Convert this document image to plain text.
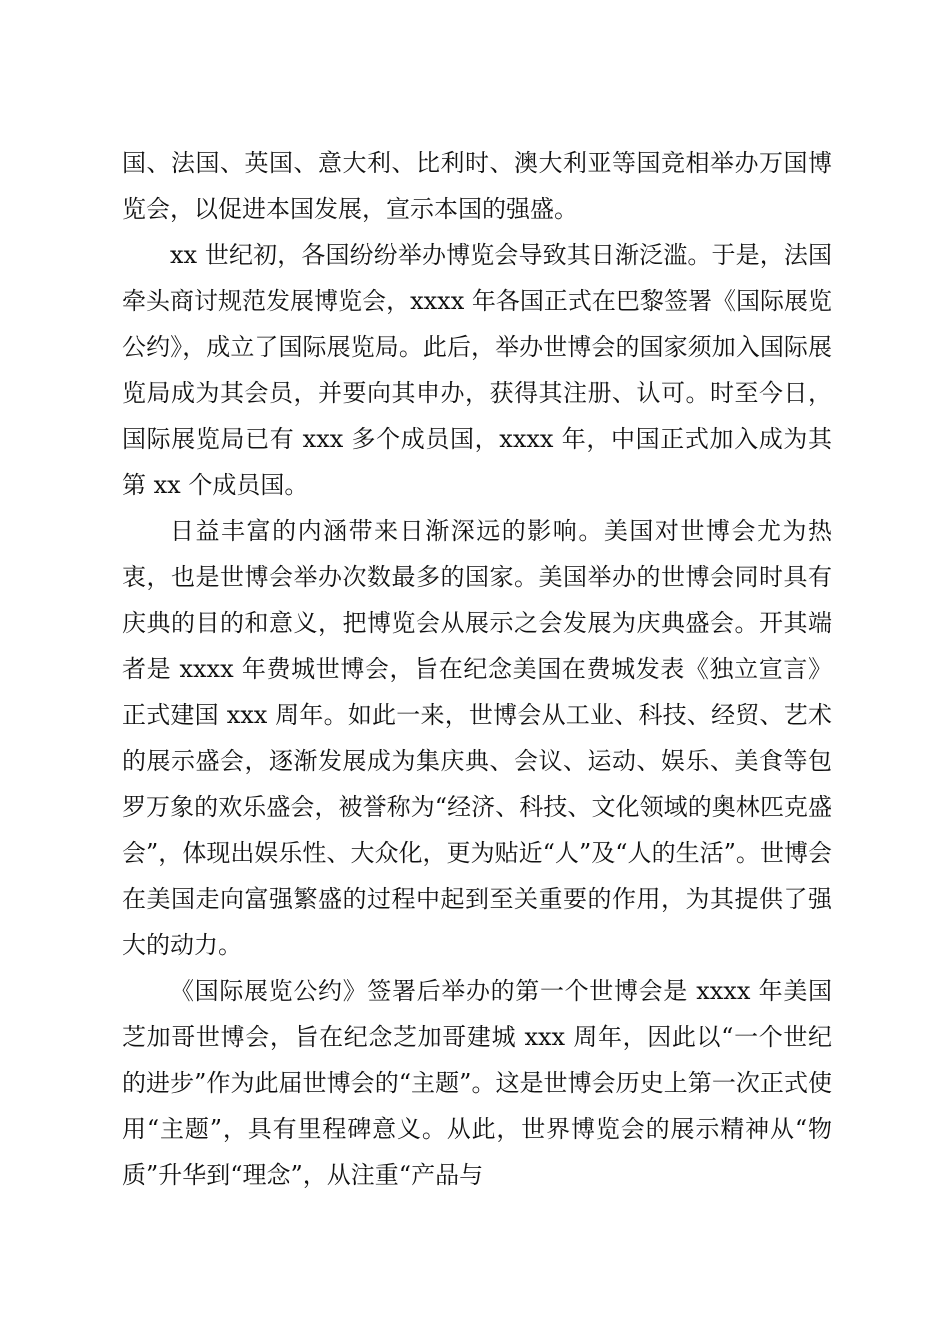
国、法国、英国、意大利、比利时、澳大利亚等国竞相举办万国博览会，以促进本国发展，宣示本国的强盛。

xx 世纪初，各国纷纷举办博览会导致其日渐泛滥。于是，法国牵头商讨规范发展博览会，xxxx 年各国正式在巴黎签署《国际展览公约》，成立了国际展览局。此后，举办世博会的国家须加入国际展览局成为其会员，并要向其申办，获得其注册、认可。时至今日，国际展览局已有 xxx 多个成员国，xxxx 年，中国正式加入成为其第 xx 个成员国。

日益丰富的内涵带来日渐深远的影响。美国对世博会尤为热衷，也是世博会举办次数最多的国家。美国举办的世博会同时具有庆典的目的和意义，把博览会从展示之会发展为庆典盛会。开其端者是 xxxx 年费城世博会，旨在纪念美国在费城发表《独立宣言》正式建国 xxx 周年。如此一来，世博会从工业、科技、经贸、艺术的展示盛会，逐渐发展成为集庆典、会议、运动、娱乐、美食等包罗万象的欢乐盛会，被誉称为“经济、科技、文化领域的奥林匹克盛会”，体现出娱乐性、大众化，更为贴近“人”及“人的生活”。世博会在美国走向富强繁盛的过程中起到至关重要的作用，为其提供了强大的动力。

《国际展览公约》签署后举办的第一个世博会是 xxxx 年美国芝加哥世博会，旨在纪念芝加哥建城 xxx 周年，因此以“一个世纪的进步”作为此届世博会的“主题”。这是世博会历史上第一次正式使用“主题”，具有里程碑意义。从此，世界博览会的展示精神从“物质”升华到“理念”，从注重“产品与
